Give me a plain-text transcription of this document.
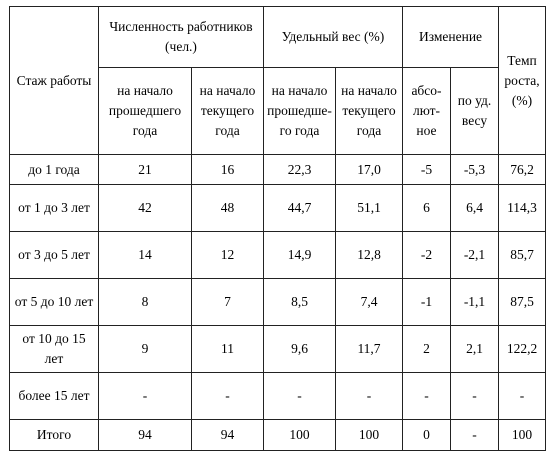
Стаж работы	Численность работников (чел.)		Удельный вес (%)		Изменение		Темп роста, (%)
	на начало прошедшего года	на начало текущего года	на начало прошедше- го года	на начало текущего года	абсо- лют- ное	по уд. весу	
до 1 года	21	16	22,3	17,0	-5	-5,3	76,2
от 1 до 3 лет	42	48	44,7	51,1	6	6,4	114,3
от 3 до 5 лет	14	12	14,9	12,8	-2	-2,1	85,7
от 5 до 10 лет	8	7	8,5	7,4	-1	-1,1	87,5
от 10 до 15 лет	9	11	9,6	11,7	2	2,1	122,2
более 15 лет	-	-	-	-	-	-	-
Итого	94	94	100	100	0	-	100
